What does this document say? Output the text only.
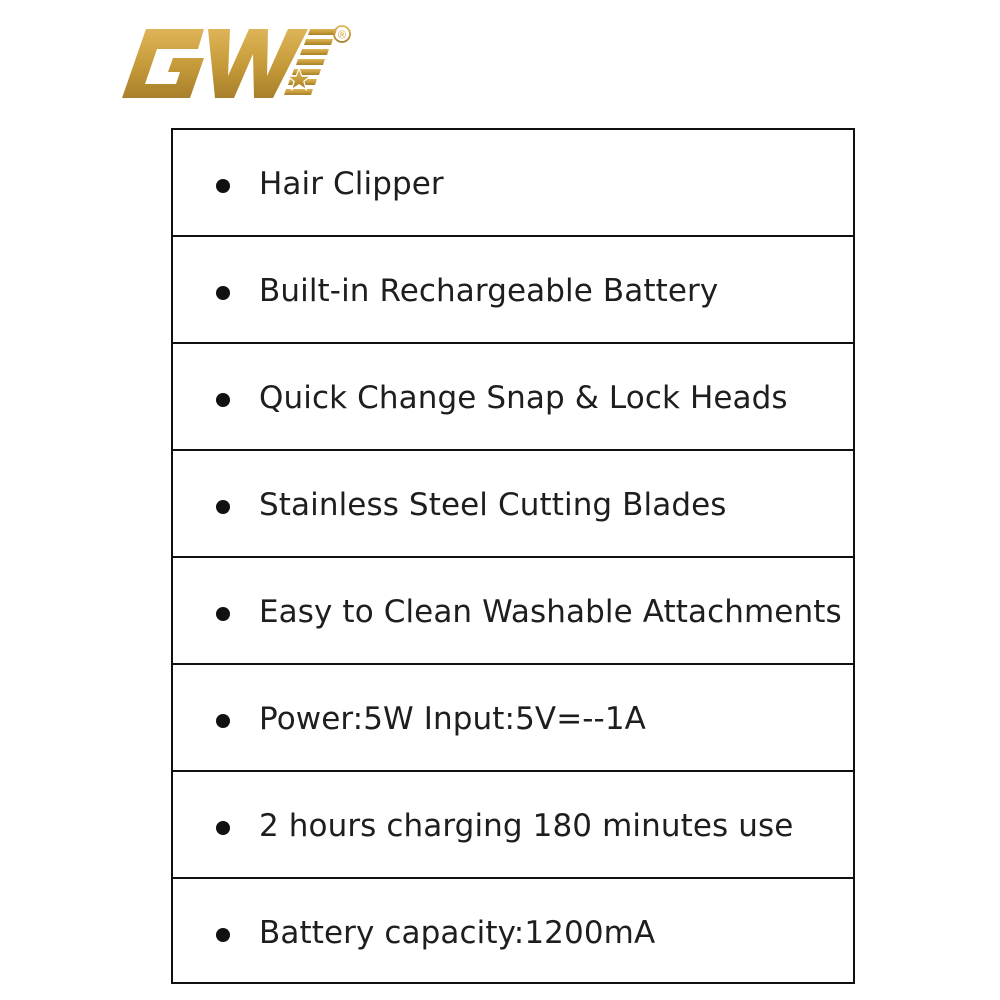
®
Hair Clipper
Built-in Rechargeable Battery
Quick Change Snap & Lock Heads
Stainless Steel Cutting Blades
Easy to Clean Washable Attachments
Power:5W Input:5V=--1A
2 hours charging 180 minutes use
Battery capacity:1200mA
